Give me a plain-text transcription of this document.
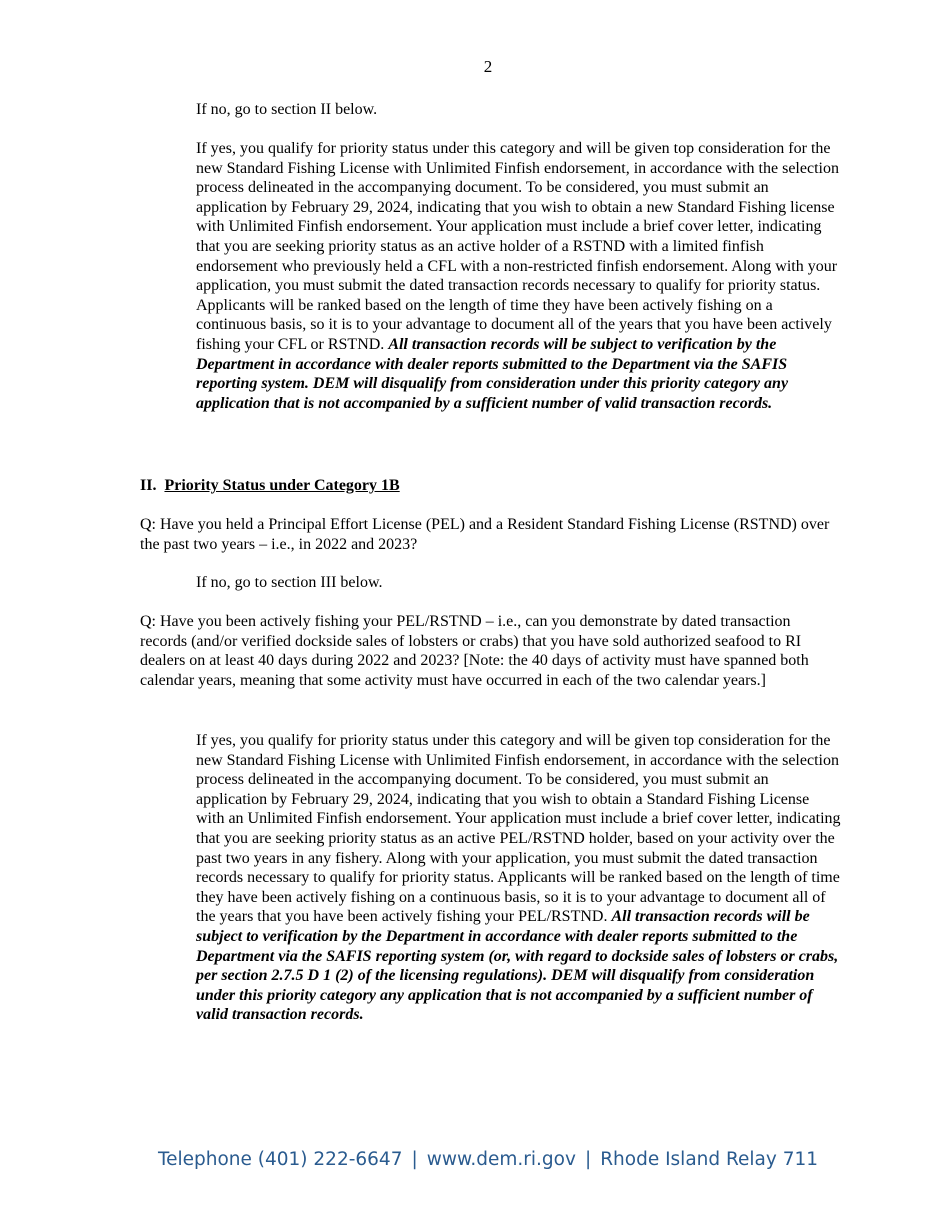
2

If no, go to section II below.

If yes, you qualify for priority status under this category and will be given top consideration for the new Standard Fishing License with Unlimited Finfish endorsement, in accordance with the selection process delineated in the accompanying document. To be considered, you must submit an application by February 29, 2024, indicating that you wish to obtain a new Standard Fishing license with Unlimited Finfish endorsement. Your application must include a brief cover letter, indicating that you are seeking priority status as an active holder of a RSTND with a limited finfish endorsement who previously held a CFL with a non-restricted finfish endorsement. Along with your application, you must submit the dated transaction records necessary to qualify for priority status. Applicants will be ranked based on the length of time they have been actively fishing on a continuous basis, so it is to your advantage to document all of the years that you have been actively fishing your CFL or RSTND. All transaction records will be subject to verification by the Department in accordance with dealer reports submitted to the Department via the SAFIS reporting system. DEM will disqualify from consideration under this priority category any application that is not accompanied by a sufficient number of valid transaction records.

II. Priority Status under Category 1B

Q: Have you held a Principal Effort License (PEL) and a Resident Standard Fishing License (RSTND) over the past two years – i.e., in 2022 and 2023?

If no, go to section III below.

Q: Have you been actively fishing your PEL/RSTND – i.e., can you demonstrate by dated transaction records (and/or verified dockside sales of lobsters or crabs) that you have sold authorized seafood to RI dealers on at least 40 days during 2022 and 2023? [Note: the 40 days of activity must have spanned both calendar years, meaning that some activity must have occurred in each of the two calendar years.]

If yes, you qualify for priority status under this category and will be given top consideration for the new Standard Fishing License with Unlimited Finfish endorsement, in accordance with the selection process delineated in the accompanying document. To be considered, you must submit an application by February 29, 2024, indicating that you wish to obtain a Standard Fishing License with an Unlimited Finfish endorsement. Your application must include a brief cover letter, indicating that you are seeking priority status as an active PEL/RSTND holder, based on your activity over the past two years in any fishery. Along with your application, you must submit the dated transaction records necessary to qualify for priority status. Applicants will be ranked based on the length of time they have been actively fishing on a continuous basis, so it is to your advantage to document all of the years that you have been actively fishing your PEL/RSTND. All transaction records will be subject to verification by the Department in accordance with dealer reports submitted to the Department via the SAFIS reporting system (or, with regard to dockside sales of lobsters or crabs, per section 2.7.5 D 1 (2) of the licensing regulations). DEM will disqualify from consideration under this priority category any application that is not accompanied by a sufficient number of valid transaction records.

Telephone (401) 222-6647 | www.dem.ri.gov | Rhode Island Relay 711
